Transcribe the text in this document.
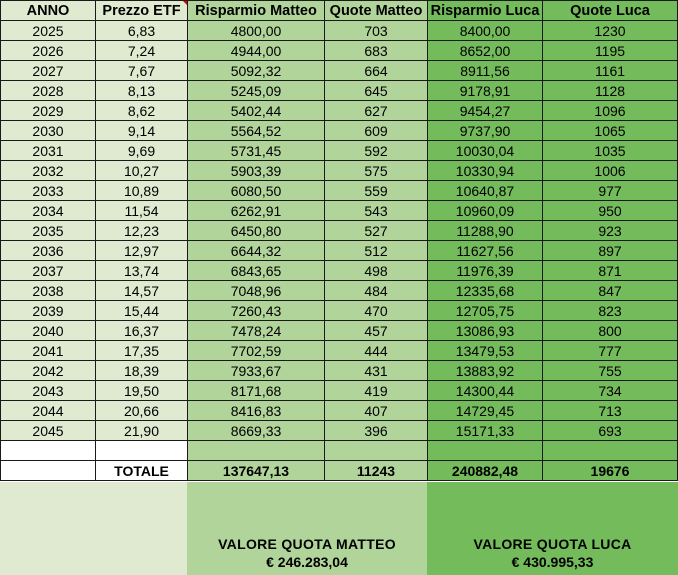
ANNO	Prezzo ETF	Risparmio Matteo	Quote Matteo	Risparmio Luca	Quote Luca
2025	6,83	4800,00	703	8400,00	1230
2026	7,24	4944,00	683	8652,00	1195
2027	7,67	5092,32	664	8911,56	1161
2028	8,13	5245,09	645	9178,91	1128
2029	8,62	5402,44	627	9454,27	1096
2030	9,14	5564,52	609	9737,90	1065
2031	9,69	5731,45	592	10030,04	1035
2032	10,27	5903,39	575	10330,94	1006
2033	10,89	6080,50	559	10640,87	977
2034	11,54	6262,91	543	10960,09	950
2035	12,23	6450,80	527	11288,90	923
2036	12,97	6644,32	512	11627,56	897
2037	13,74	6843,65	498	11976,39	871
2038	14,57	7048,96	484	12335,68	847
2039	15,44	7260,43	470	12705,75	823
2040	16,37	7478,24	457	13086,93	800
2041	17,35	7702,59	444	13479,53	777
2042	18,39	7933,67	431	13883,92	755
2043	19,50	8171,68	419	14300,44	734
2044	20,66	8416,83	407	14729,45	713
2045	21,90	8669,33	396	15171,33	693

	TOTALE	137647,13	11243	240882,48	19676
VALORE QUOTA MATTEO
€ 246.283,04
VALORE QUOTA LUCA
€ 430.995,33
